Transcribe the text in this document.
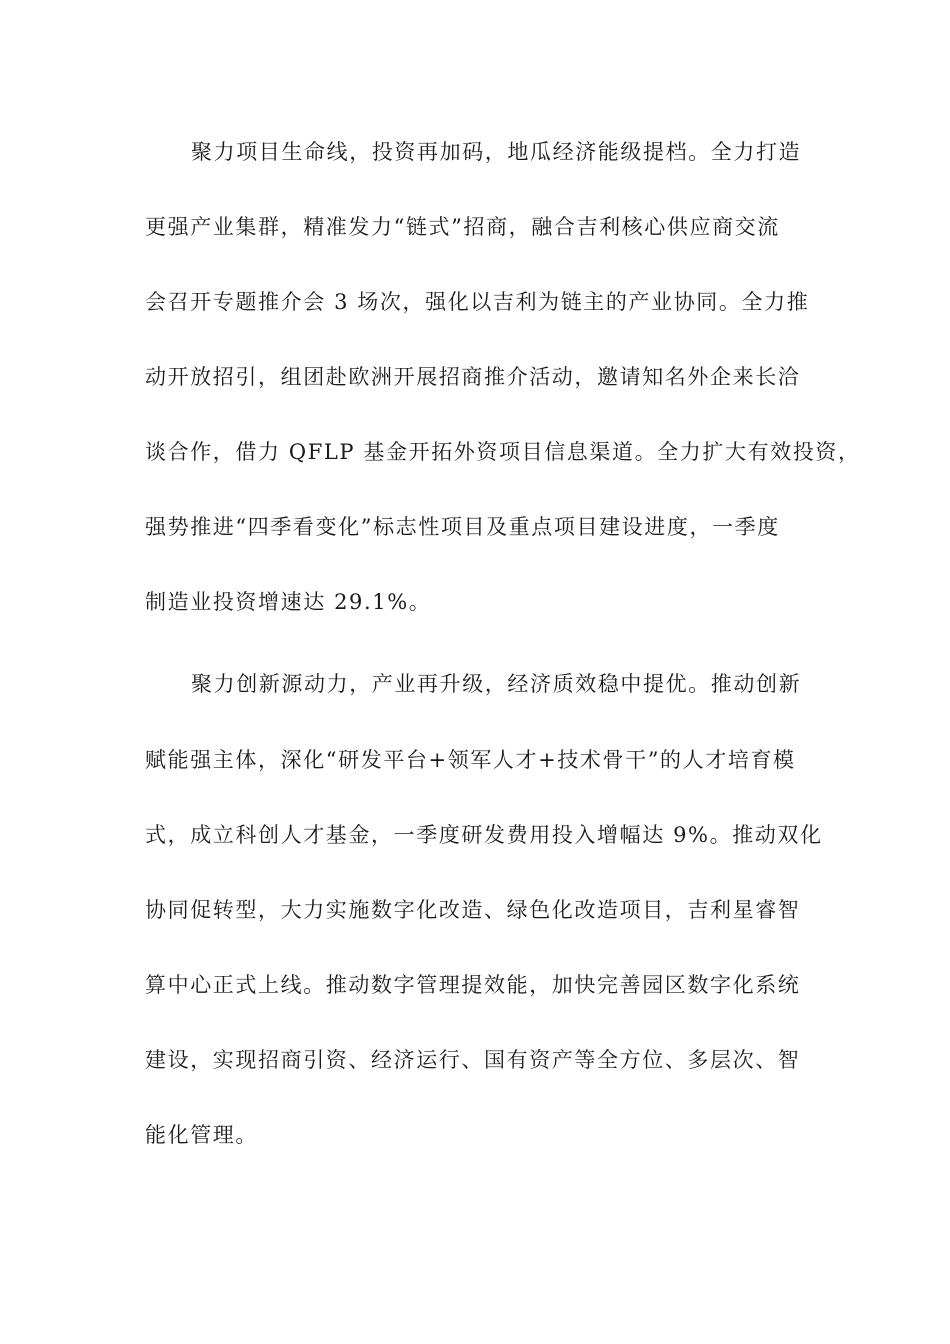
聚力项目生命线，投资再加码，地瓜经济能级提档。全力打造
更强产业集群，精准发力“链式”招商，融合吉利核心供应商交流
会召开专题推介会 3 场次，强化以吉利为链主的产业协同。全力推
动开放招引，组团赴欧洲开展招商推介活动，邀请知名外企来长洽
谈合作，借力 QFLP 基金开拓外资项目信息渠道。全力扩大有效投资，
强势推进“四季看变化”标志性项目及重点项目建设进度，一季度
制造业投资增速达 29.1%。
聚力创新源动力，产业再升级，经济质效稳中提优。推动创新
赋能强主体，深化“研发平台+领军人才+技术骨干”的人才培育模
式，成立科创人才基金，一季度研发费用投入增幅达 9%。推动双化
协同促转型，大力实施数字化改造、绿色化改造项目，吉利星睿智
算中心正式上线。推动数字管理提效能，加快完善园区数字化系统
建设，实现招商引资、经济运行、国有资产等全方位、多层次、智
能化管理。
